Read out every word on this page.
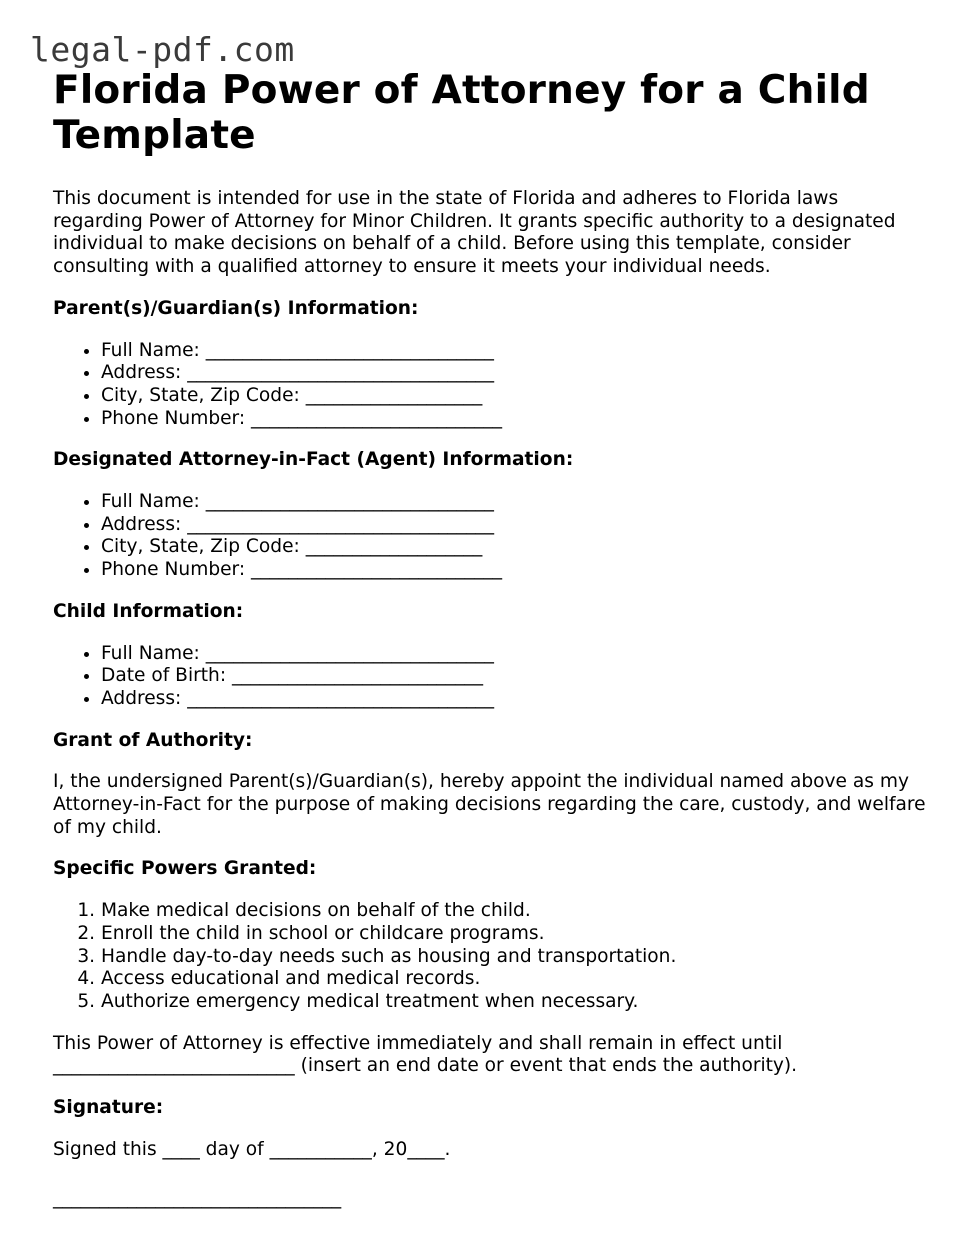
legal-pdf.com
Florida Power of Attorney for a Child Template

This document is intended for use in the state of Florida and adheres to Florida laws regarding Power of Attorney for Minor Children. It grants specific authority to a designated individual to make decisions on behalf of a child. Before using this template, consider consulting with a qualified attorney to ensure it meets your individual needs.

Parent(s)/Guardian(s) Information:

• Full Name: _______________________________
• Address: _________________________________
• City, State, Zip Code: ___________________
• Phone Number: ___________________________

Designated Attorney-in-Fact (Agent) Information:

• Full Name: _______________________________
• Address: _________________________________
• City, State, Zip Code: ___________________
• Phone Number: ___________________________

Child Information:

• Full Name: _______________________________
• Date of Birth: ___________________________
• Address: _________________________________

Grant of Authority:

I, the undersigned Parent(s)/Guardian(s), hereby appoint the individual named above as my Attorney-in-Fact for the purpose of making decisions regarding the care, custody, and welfare of my child.

Specific Powers Granted:

1. Make medical decisions on behalf of the child.
2. Enroll the child in school or childcare programs.
3. Handle day-to-day needs such as housing and transportation.
4. Access educational and medical records.
5. Authorize emergency medical treatment when necessary.

This Power of Attorney is effective immediately and shall remain in effect until __________________________ (insert an end date or event that ends the authority).

Signature:

Signed this ____ day of ___________, 20____.

_______________________________
